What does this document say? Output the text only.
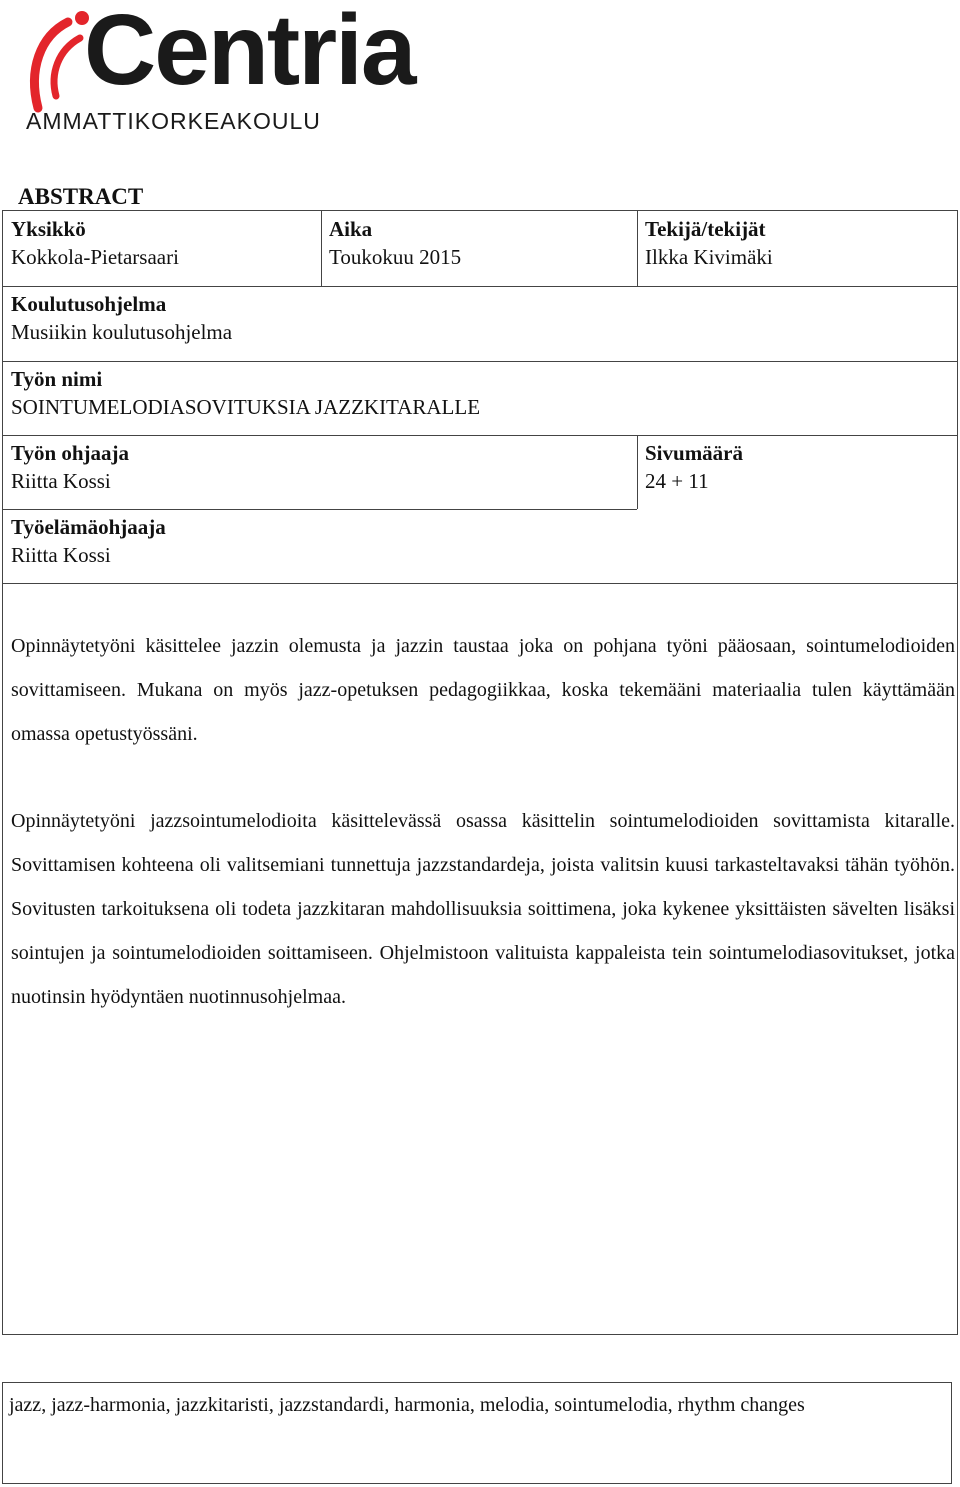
Centria
AMMATTIKORKEAKOULU
ABSTRACT
Yksikkö
Kokkola-Pietarsaari
Aika
Toukokuu 2015
Tekijä/tekijät
Ilkka Kivimäki
Koulutusohjelma
Musiikin koulutusohjelma
Työn nimi
SOINTUMELODIASOVITUKSIA JAZZKITARALLE
Työn ohjaaja
Riitta Kossi
Sivumäärä
24 + 11
Työelämäohjaaja
Riitta Kossi

Opinnäytetyöni käsittelee jazzin olemusta ja jazzin taustaa joka on pohjana työni pääosaan, sointumelodioiden sovittamiseen. Mukana on myös jazz-opetuksen pedagogiikkaa, koska tekemääni materiaalia tulen käyttämään omassa opetustyössäni.

Opinnäytetyöni jazzsointumelodioita käsittelevässä osassa käsittelin sointumelodioiden sovittamista kitaralle. Sovittamisen kohteena oli valitsemiani tunnettuja jazzstandardeja, joista valitsin kuusi tarkasteltavaksi tähän työhön. Sovitusten tarkoituksena oli todeta jazzkitaran mahdollisuuksia soittimena, joka kykenee yksittäisten sävelten lisäksi sointujen ja sointumelodioiden soittamiseen. Ohjelmistoon valituista kappaleista tein sointumelodiasovitukset, jotka nuotinsin hyödyntäen nuotinnusohjelmaa.

jazz, jazz-harmonia, jazzkitaristi, jazzstandardi, harmonia, melodia, sointumelodia, rhythm changes
